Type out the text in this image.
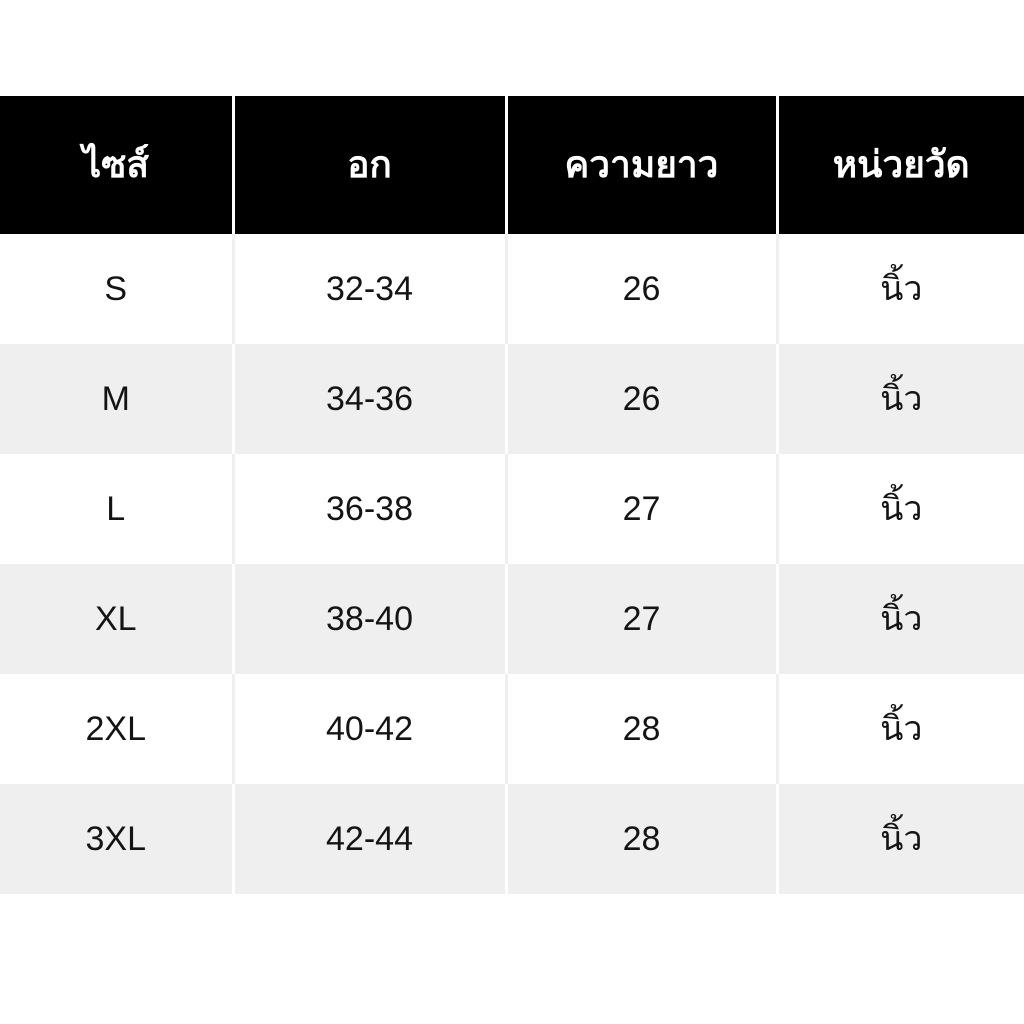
ไซส์	อก	ความยาว	หน่วยวัด
S	32-34	26	นิ้ว
M	34-36	26	นิ้ว
L	36-38	27	นิ้ว
XL	38-40	27	นิ้ว
2XL	40-42	28	นิ้ว
3XL	42-44	28	นิ้ว
